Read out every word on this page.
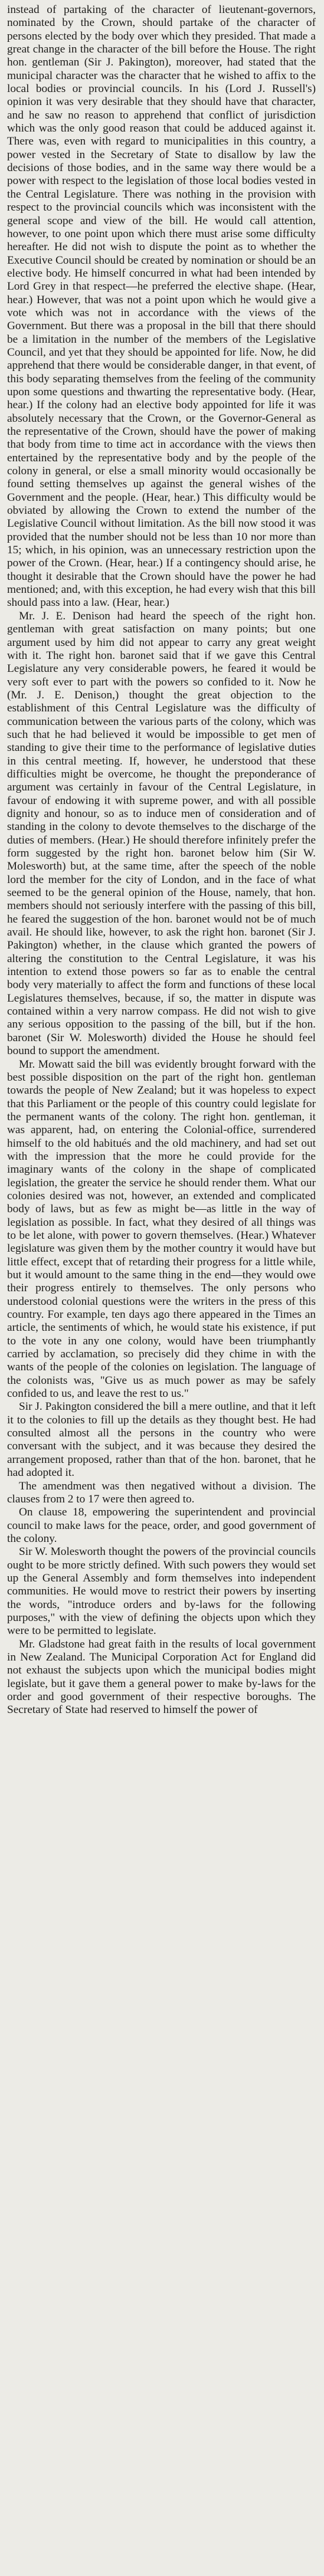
instead of partaking of the character of lieutenant-governors, nominated by the Crown, should partake of the character of persons elected by the body over which they presided. That made a great change in the character of the bill before the House. The right hon. gentleman (Sir J. Pakington), moreover, had stated that the municipal character was the character that he wished to affix to the local bodies or provincial councils. In his (Lord J. Russell's) opinion it was very desirable that they should have that character, and he saw no reason to apprehend that conflict of jurisdiction which was the only good reason that could be adduced against it. There was, even with regard to municipalities in this country, a power vested in the Secretary of State to disallow by law the decisions of those bodies, and in the same way there would be a power with respect to the legislation of those local bodies vested in the Central Legislature. There was nothing in the provision with respect to the provincial councils which was inconsistent with the general scope and view of the bill. He would call attention, however, to one point upon which there must arise some difficulty hereafter. He did not wish to dispute the point as to whether the Executive Council should be created by nomination or should be an elective body. He himself concurred in what had been intended by Lord Grey in that respect—he preferred the elective shape. (Hear, hear.) However, that was not a point upon which he would give a vote which was not in accordance with the views of the Government. But there was a proposal in the bill that there should be a limitation in the number of the members of the Legislative Council, and yet that they should be appointed for life. Now, he did apprehend that there would be considerable danger, in that event, of this body separating themselves from the feeling of the community upon some questions and thwarting the representative body. (Hear, hear.) If the colony had an elective body appointed for life it was absolutely necessary that the Crown, or the Governor-General as the representative of the Crown, should have the power of making that body from time to time act in accordance with the views then entertained by the representative body and by the people of the colony in general, or else a small minority would occasionally be found setting themselves up against the general wishes of the Government and the people. (Hear, hear.) This difficulty would be obviated by allowing the Crown to extend the number of the Legislative Council without limitation. As the bill now stood it was provided that the number should not be less than 10 nor more than 15; which, in his opinion, was an unnecessary restriction upon the power of the Crown. (Hear, hear.) If a contingency should arise, he thought it desirable that the Crown should have the power he had mentioned; and, with this exception, he had every wish that this bill should pass into a law. (Hear, hear.)

Mr. J. E. Denison had heard the speech of the right hon. gentleman with great satisfaction on many points; but one argument used by him did not appear to carry any great weight with it. The right hon. baronet said that if we gave this Central Legislature any very considerable powers, he feared it would be very soft ever to part with the powers so confided to it. Now he (Mr. J. E. Denison,) thought the great objection to the establishment of this Central Legislature was the difficulty of communication between the various parts of the colony, which was such that he had believed it would be impossible to get men of standing to give their time to the performance of legislative duties in this central meeting. If, however, he understood that these difficulties might be overcome, he thought the preponderance of argument was certainly in favour of the Central Legislature, in favour of endowing it with supreme power, and with all possible dignity and honour, so as to induce men of consideration and of standing in the colony to devote themselves to the discharge of the duties of members. (Hear.) He should therefore infinitely prefer the form suggested by the right hon. baronet below him (Sir W. Molesworth) but, at the same time, after the speech of the noble lord the member for the city of London, and in the face of what seemed to be the general opinion of the House, namely, that hon. members should not seriously interfere with the passing of this bill, he feared the suggestion of the hon. baronet would not be of much avail. He should like, however, to ask the right hon. baronet (Sir J. Pakington) whether, in the clause which granted the powers of altering the constitution to the Central Legislature, it was his intention to extend those powers so far as to enable the central body very materially to affect the form and functions of these local Legislatures themselves, because, if so, the matter in dispute was contained within a very narrow compass. He did not wish to give any serious opposition to the passing of the bill, but if the hon. baronet (Sir W. Molesworth) divided the House he should feel bound to support the amendment.

Mr. Mowatt said the bill was evidently brought forward with the best possible disposition on the part of the right hon. gentleman towards the people of New Zealand; but it was hopeless to expect that this Parliament or the people of this country could legislate for the permanent wants of the colony. The right hon. gentleman, it was apparent, had, on entering the Colonial-office, surrendered himself to the old habitués and the old machinery, and had set out with the impression that the more he could provide for the imaginary wants of the colony in the shape of complicated legislation, the greater the service he should render them. What our colonies desired was not, however, an extended and complicated body of laws, but as few as might be—as little in the way of legislation as possible. In fact, what they desired of all things was to be let alone, with power to govern themselves. (Hear.) Whatever legislature was given them by the mother country it would have but little effect, except that of retarding their progress for a little while, but it would amount to the same thing in the end—they would owe their progress entirely to themselves. The only persons who understood colonial questions were the writers in the press of this country. For example, ten days ago there appeared in the Times an article, the sentiments of which, he would state his existence, if put to the vote in any one colony, would have been triumphantly carried by acclamation, so precisely did they chime in with the wants of the people of the colonies on legislation. The language of the colonists was, "Give us as much power as may be safely confided to us, and leave the rest to us."

Sir J. Pakington considered the bill a mere outline, and that it left it to the colonies to fill up the details as they thought best. He had consulted almost all the persons in the country who were conversant with the subject, and it was because they desired the arrangement proposed, rather than that of the hon. baronet, that he had adopted it.

The amendment was then negatived without a division. The clauses from 2 to 17 were then agreed to.

On clause 18, empowering the superintendent and provincial council to make laws for the peace, order, and good government of the colony.

Sir W. Molesworth thought the powers of the provincial councils ought to be more strictly defined. With such powers they would set up the General Assembly and form themselves into independent communities. He would move to restrict their powers by inserting the words, "introduce orders and by-laws for the following purposes," with the view of defining the objects upon which they were to be permitted to legislate.

Mr. Gladstone had great faith in the results of local government in New Zealand. The Municipal Corporation Act for England did not exhaust the subjects upon which the municipal bodies might legislate, but it gave them a general power to make by-laws for the order and good government of their respective boroughs. The Secretary of State had reserved to himself the power of
